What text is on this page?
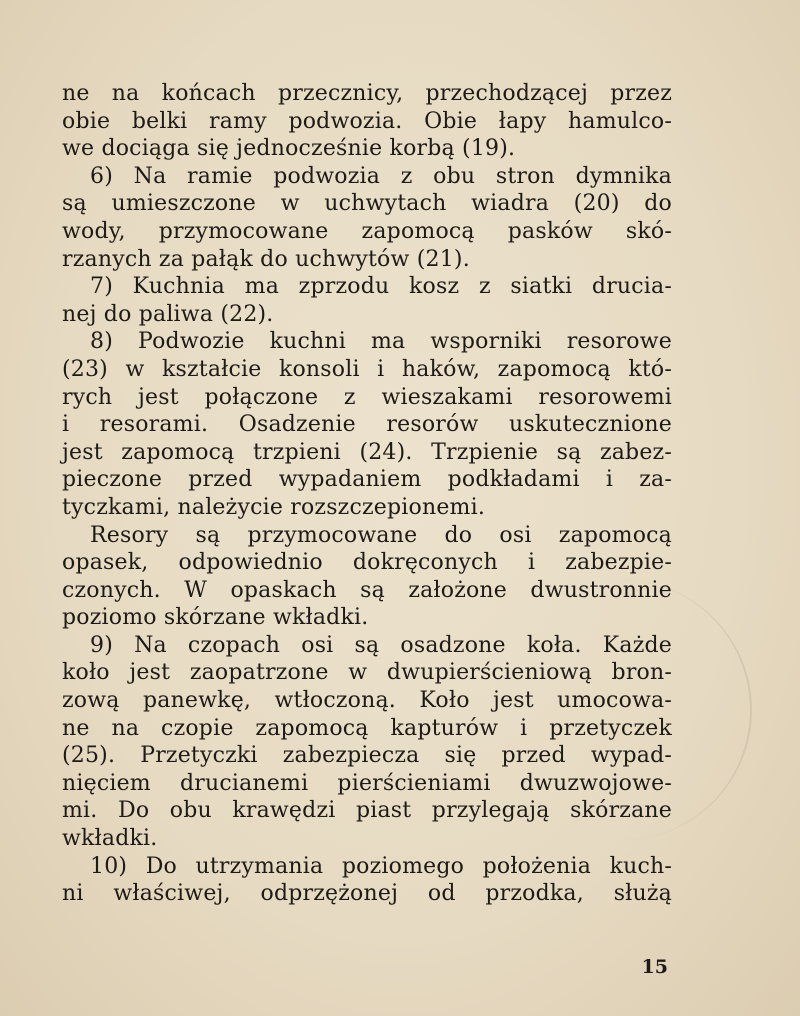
ne na końcach przecznicy, przechodzącej przez
obie belki ramy podwozia. Obie łapy hamulco-
we dociąga się jednocześnie korbą (19).
6) Na ramie podwozia z obu stron dymnika
są umieszczone w uchwytach wiadra (20) do
wody, przymocowane zapomocą pasków skó-
rzanych za pałąk do uchwytów (21).
7) Kuchnia ma zprzodu kosz z siatki drucia-
nej do paliwa (22).
8) Podwozie kuchni ma wsporniki resorowe
(23) w kształcie konsoli i haków, zapomocą któ-
rych jest połączone z wieszakami resorowemi
i resorami. Osadzenie resorów uskutecznione
jest zapomocą trzpieni (24). Trzpienie są zabez-
pieczone przed wypadaniem podkładami i za-
tyczkami, należycie rozszczepionemi.
Resory są przymocowane do osi zapomocą
opasek, odpowiednio dokręconych i zabezpie-
czonych. W opaskach są założone dwustronnie
poziomo skórzane wkładki.
9) Na czopach osi są osadzone koła. Każde
koło jest zaopatrzone w dwupierścieniową bron-
zową panewkę, wtłoczoną. Koło jest umocowa-
ne na czopie zapomocą kapturów i przetyczek
(25). Przetyczki zabezpiecza się przed wypad-
nięciem drucianemi pierścieniami dwuzwojowe-
mi. Do obu krawędzi piast przylegają skórzane
wkładki.
10) Do utrzymania poziomego położenia kuch-
ni właściwej, odprzężonej od przodka, służą
15
